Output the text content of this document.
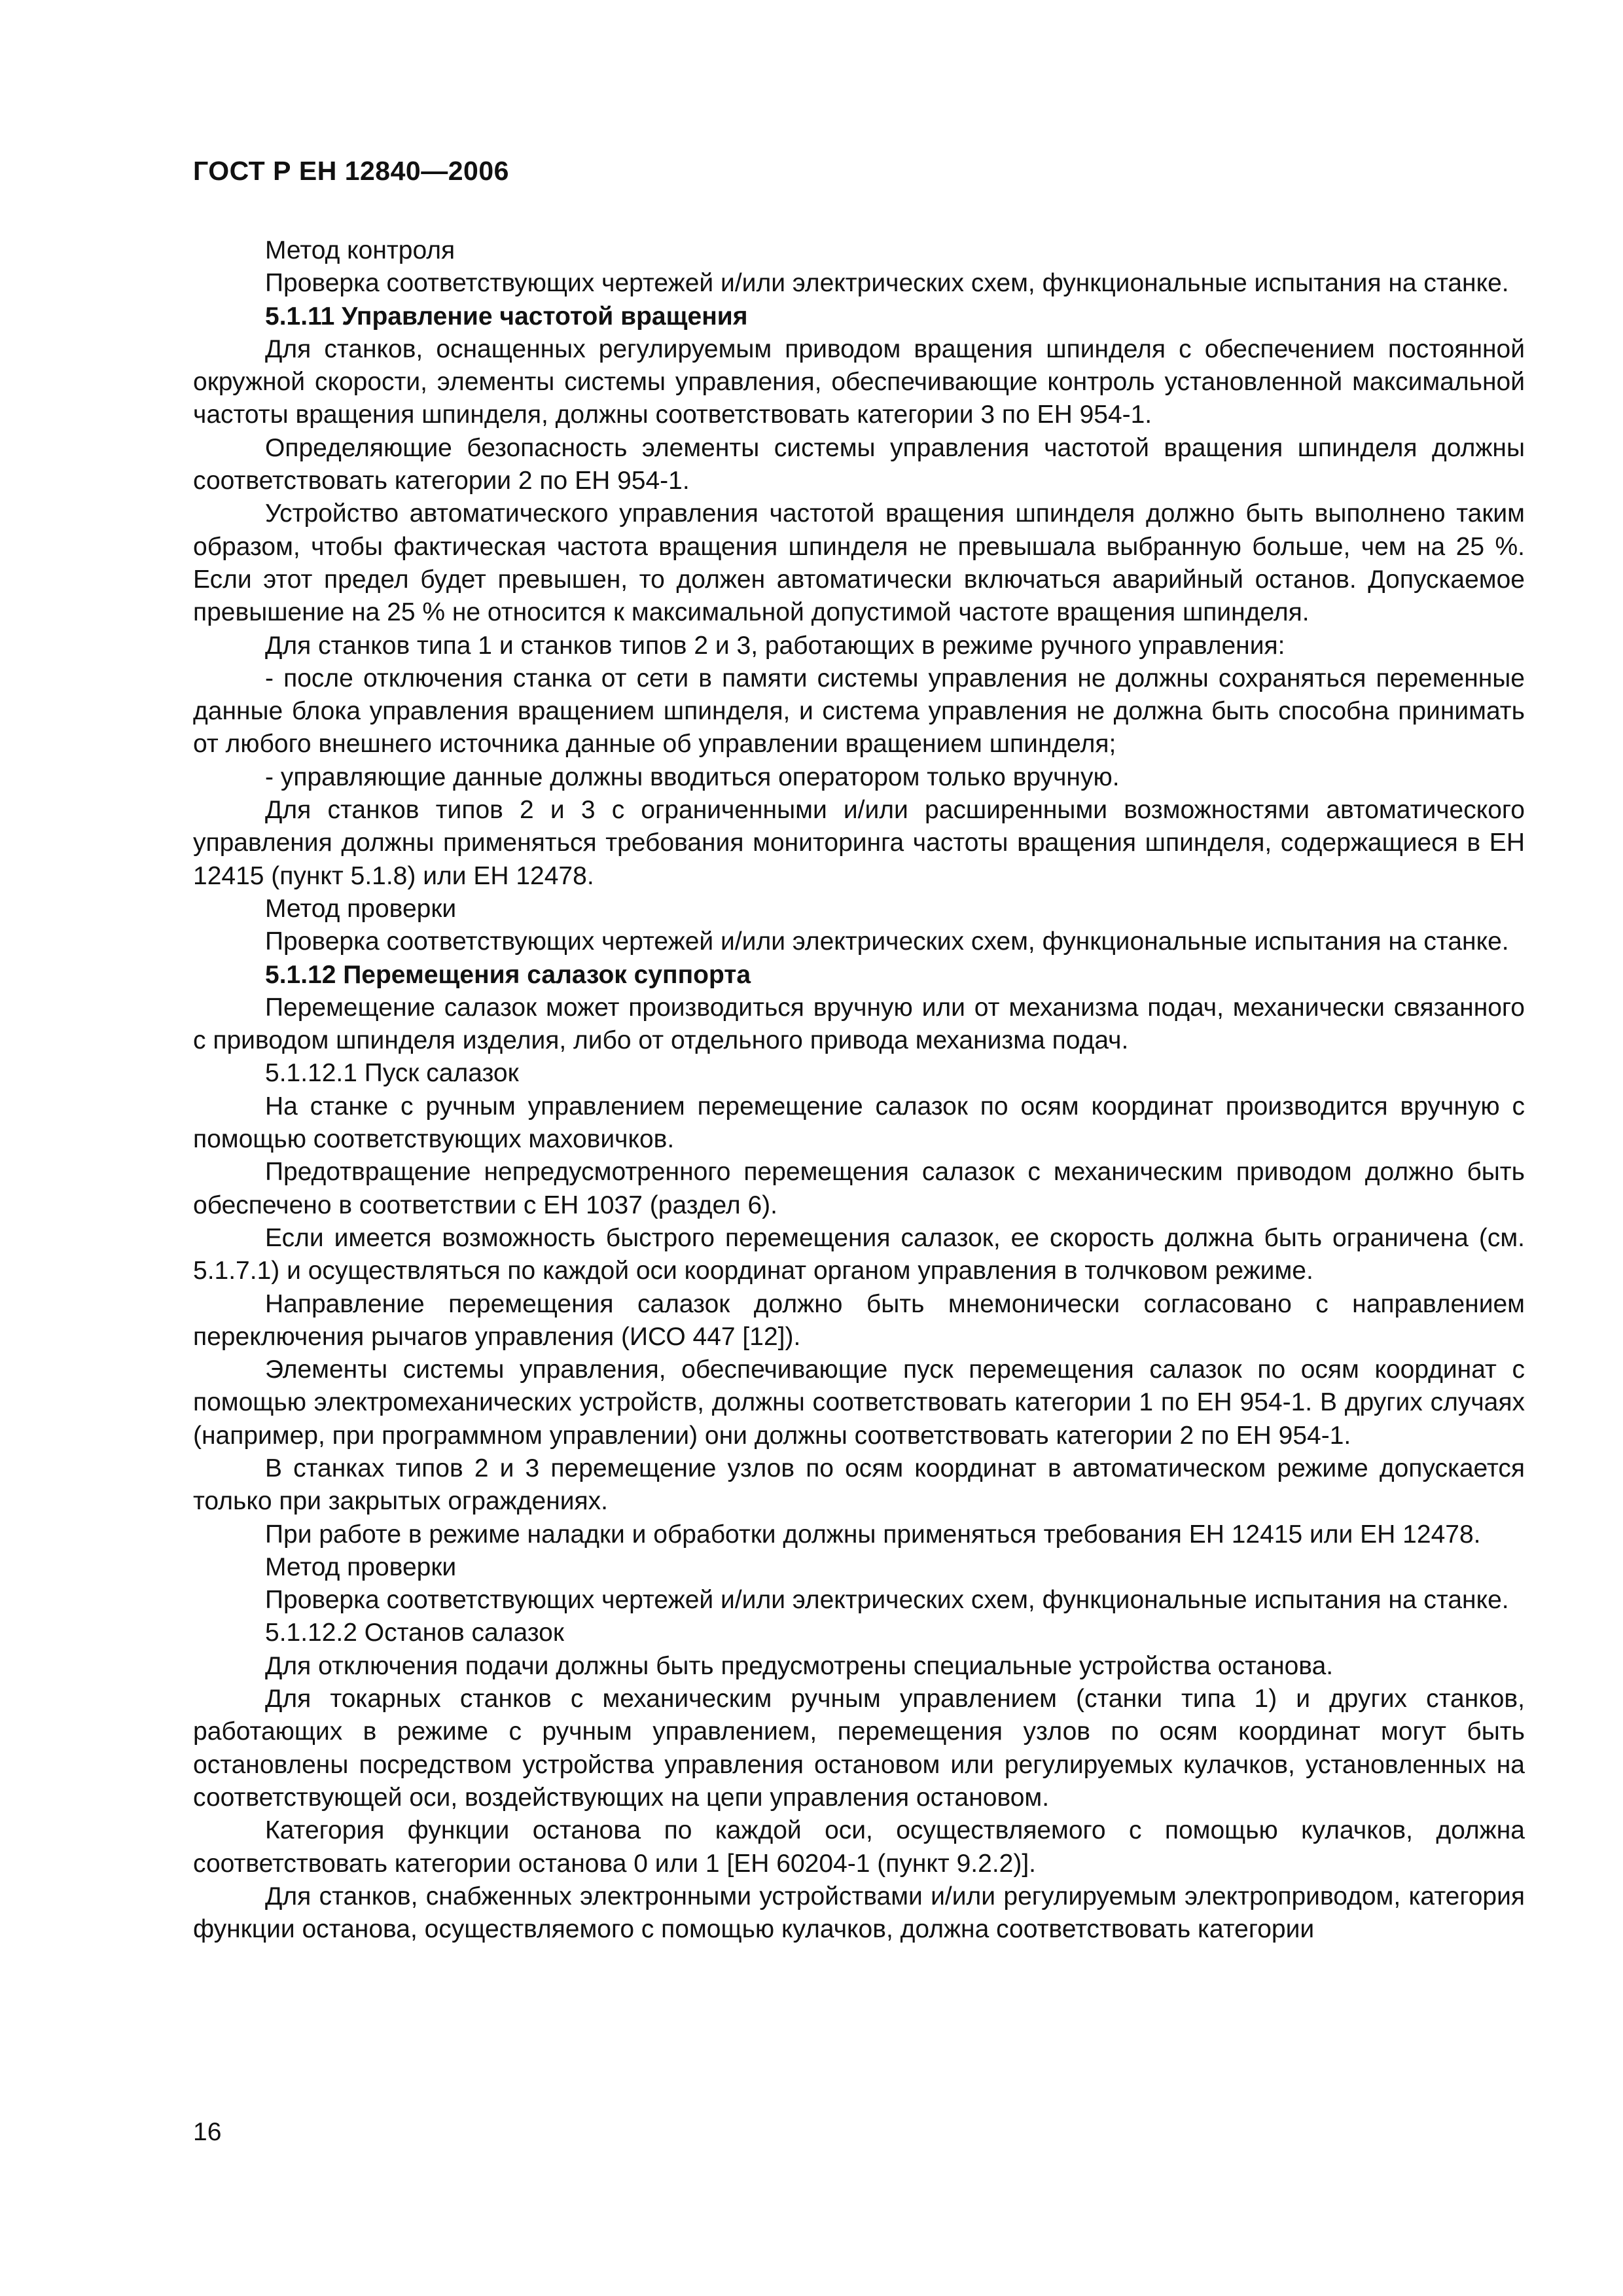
ГОСТ Р ЕН 12840—2006

Метод контроля

Проверка соответствующих чертежей и/или электрических схем, функциональные испытания на станке.

5.1.11 Управление частотой вращения

Для станков, оснащенных регулируемым приводом вращения шпинделя с обеспечением постоянной окружной скорости, элементы системы управления, обеспечивающие контроль установленной максимальной частоты вращения шпинделя, должны соответствовать категории 3 по ЕН 954-1.

Определяющие безопасность элементы системы управления частотой вращения шпинделя должны соответствовать категории 2 по ЕН 954-1.

Устройство автоматического управления частотой вращения шпинделя должно быть выполнено таким образом, чтобы фактическая частота вращения шпинделя не превышала выбранную больше, чем на 25 %. Если этот предел будет превышен, то должен автоматически включаться аварийный останов. Допускаемое превышение на 25 % не относится к максимальной допустимой частоте вращения шпинделя.

Для станков типа 1 и станков типов 2 и 3, работающих в режиме ручного управления:

- после отключения станка от сети в памяти системы управления не должны сохраняться переменные данные блока управления вращением шпинделя, и система управления не должна быть способна принимать от любого внешнего источника данные об управлении вращением шпинделя;

- управляющие данные должны вводиться оператором только вручную.

Для станков типов 2 и 3 с ограниченными и/или расширенными возможностями автоматического управления должны применяться требования мониторинга частоты вращения шпинделя, содержащиеся в ЕН 12415 (пункт 5.1.8) или ЕН 12478.

Метод проверки

Проверка соответствующих чертежей и/или электрических схем, функциональные испытания на станке.

5.1.12 Перемещения салазок суппорта

Перемещение салазок может производиться вручную или от механизма подач, механически связанного с приводом шпинделя изделия, либо от отдельного привода механизма подач.

5.1.12.1 Пуск салазок

На станке с ручным управлением перемещение салазок по осям координат производится вручную с помощью соответствующих маховичков.

Предотвращение непредусмотренного перемещения салазок с механическим приводом должно быть обеспечено в соответствии с ЕН 1037 (раздел 6).

Если имеется возможность быстрого перемещения салазок, ее скорость должна быть ограничена (см. 5.1.7.1) и осуществляться по каждой оси координат органом управления в толчковом режиме.

Направление перемещения салазок должно быть мнемонически согласовано с направлением переключения рычагов управления (ИСО 447 [12]).

Элементы системы управления, обеспечивающие пуск перемещения салазок по осям координат с помощью электромеханических устройств, должны соответствовать категории 1 по ЕН 954-1. В других случаях (например, при программном управлении) они должны соответствовать категории 2 по ЕН 954-1.

В станках типов 2 и 3 перемещение узлов по осям координат в автоматическом режиме допускается только при закрытых ограждениях.

При работе в режиме наладки и обработки должны применяться требования ЕН 12415 или ЕН 12478.

Метод проверки

Проверка соответствующих чертежей и/или электрических схем, функциональные испытания на станке.

5.1.12.2 Останов салазок

Для отключения подачи должны быть предусмотрены специальные устройства останова.

Для токарных станков с механическим ручным управлением (станки типа 1) и других станков, работающих в режиме с ручным управлением, перемещения узлов по осям координат могут быть остановлены посредством устройства управления остановом или регулируемых кулачков, установленных на соответствующей оси, воздействующих на цепи управления остановом.

Категория функции останова по каждой оси, осуществляемого с помощью кулачков, должна соответствовать категории останова 0 или 1 [ЕН 60204-1 (пункт 9.2.2)].

Для станков, снабженных электронными устройствами и/или регулируемым электроприводом, категория функции останова, осуществляемого с помощью кулачков, должна соответствовать категории

16
